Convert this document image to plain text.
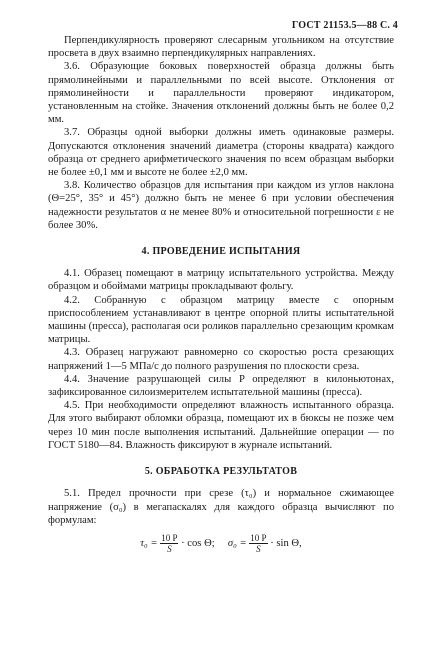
ГОСТ 21153.5—88 С. 4

Перпендикулярность проверяют слесарным угольником на отсутствие просвета в двух взаимно перпендикулярных направлениях.

3.6. Образующие боковых поверхностей образца должны быть прямолинейными и параллельными по всей высоте. Отклонения от прямолинейности и параллельности проверяют индикатором, установленным на стойке. Значения отклонений должны быть не более 0,2 мм.

3.7. Образцы одной выборки должны иметь одинаковые размеры. Допускаются отклонения значений диаметра (стороны квадрата) каждого образца от среднего арифметического значения по всем образцам выборки не более ±0,1 мм и высоте не более ±2,0 мм.

3.8. Количество образцов для испытания при каждом из углов наклона (Θ=25°, 35° и 45°) должно быть не менее 6 при условии обеспечения надежности результатов α не менее 80% и относительной погрешности ε не более 30%.

4. ПРОВЕДЕНИЕ ИСПЫТАНИЯ

4.1. Образец помещают в матрицу испытательного устройства. Между образцом и обоймами матрицы прокладывают фольгу.

4.2. Собранную с образцом матрицу вместе с опорным приспособлением устанавливают в центре опорной плиты испытательной машины (пресса), располагая оси роликов параллельно срезающим кромкам матрицы.

4.3. Образец нагружают равномерно со скоростью роста срезающих напряжений 1—5 МПа/с до полного разрушения по плоскости среза.

4.4. Значение разрушающей силы P определяют в килоньютонах, зафиксированное силоизмерителем испытательной машины (пресса).

4.5. При необходимости определяют влажность испытанного образца. Для этого выбирают обломки образца, помещают их в бюксы не позже чем через 10 мин после выполнения испытаний. Дальнейшие операции — по ГОСТ 5180—84. Влажность фиксируют в журнале испытаний.

5. ОБРАБОТКА РЕЗУЛЬТАТОВ

5.1. Предел прочности при срезе (τ₀) и нормальное сжимающее напряжение (σ₀) в мегапаскалях для каждого образца вычисляют по формулам:

$\tau_0 = \frac{10 P}{S} \cdot \cos \Theta$; $\sigma_0 = \frac{10 P}{S} \cdot \sin \Theta$,
